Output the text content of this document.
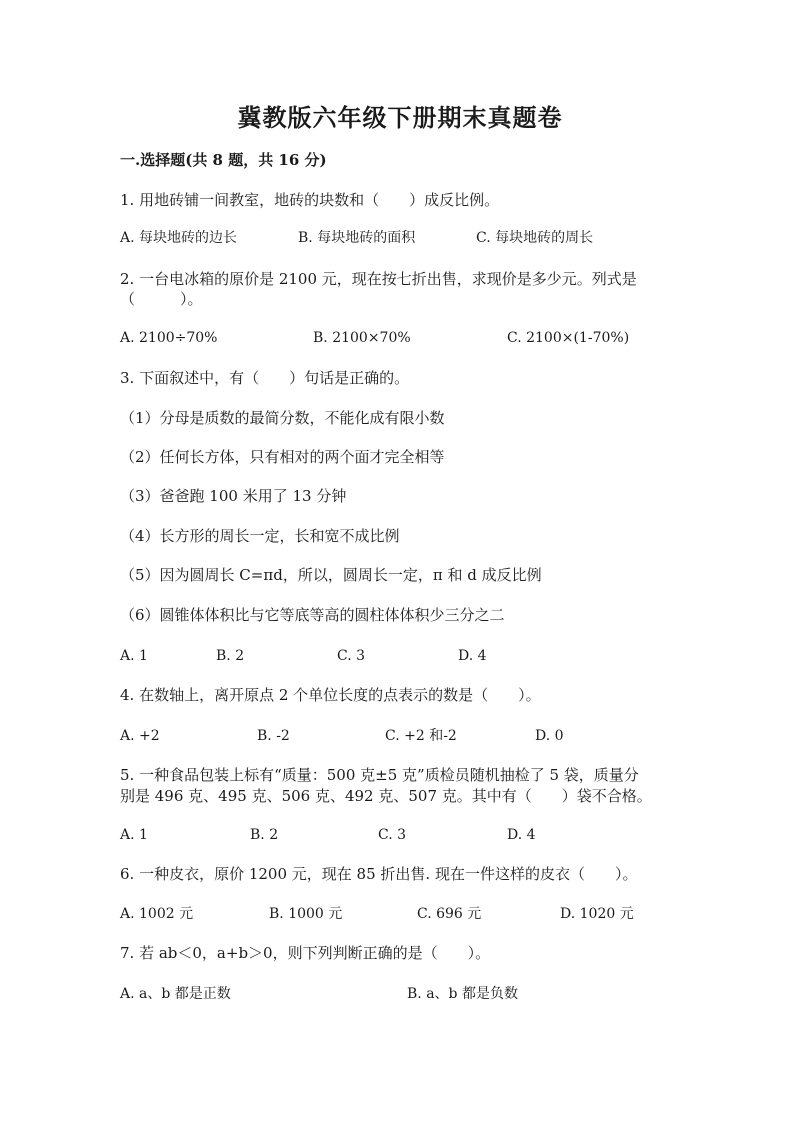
冀教版六年级下册期末真题卷
一.选择题(共 8 题，共 16 分)
1. 用地砖铺一间教室，地砖的块数和（　　）成反比例。
A. 每块地砖的边长	B. 每块地砖的面积	C. 每块地砖的周长
2. 一台电冰箱的原价是 2100 元，现在按七折出售，求现价是多少元。列式是
（　　　）。
A. 2100÷70%	B. 2100×70%	C. 2100×(1-70%)
3. 下面叙述中，有（　　）句话是正确的。
（1）分母是质数的最简分数，不能化成有限小数
（2）任何长方体，只有相对的两个面才完全相等
（3）爸爸跑 100 米用了 13 分钟
（4）长方形的周长一定，长和宽不成比例
（5）因为圆周长 C=πd，所以，圆周长一定，π 和 d 成反比例
（6）圆锥体体积比与它等底等高的圆柱体体积少三分之二
A. 1	B. 2	C. 3	D. 4
4. 在数轴上，离开原点 2 个单位长度的点表示的数是（　　）。
A. +2	B. -2	C. +2 和-2	D. 0
5. 一种食品包装上标有“质量：500 克±5 克”质检员随机抽检了 5 袋，质量分
别是 496 克、495 克、506 克、492 克、507 克。其中有（　　）袋不合格。
A. 1	B. 2	C. 3	D. 4
6. 一种皮衣，原价 1200 元，现在 85 折出售. 现在一件这样的皮衣（　　）。
A. 1002 元	B. 1000 元	C. 696 元	D. 1020 元
7. 若 ab＜0，a+b＞0，则下列判断正确的是（　　）。
A. a、b 都是正数	B. a、b 都是负数
